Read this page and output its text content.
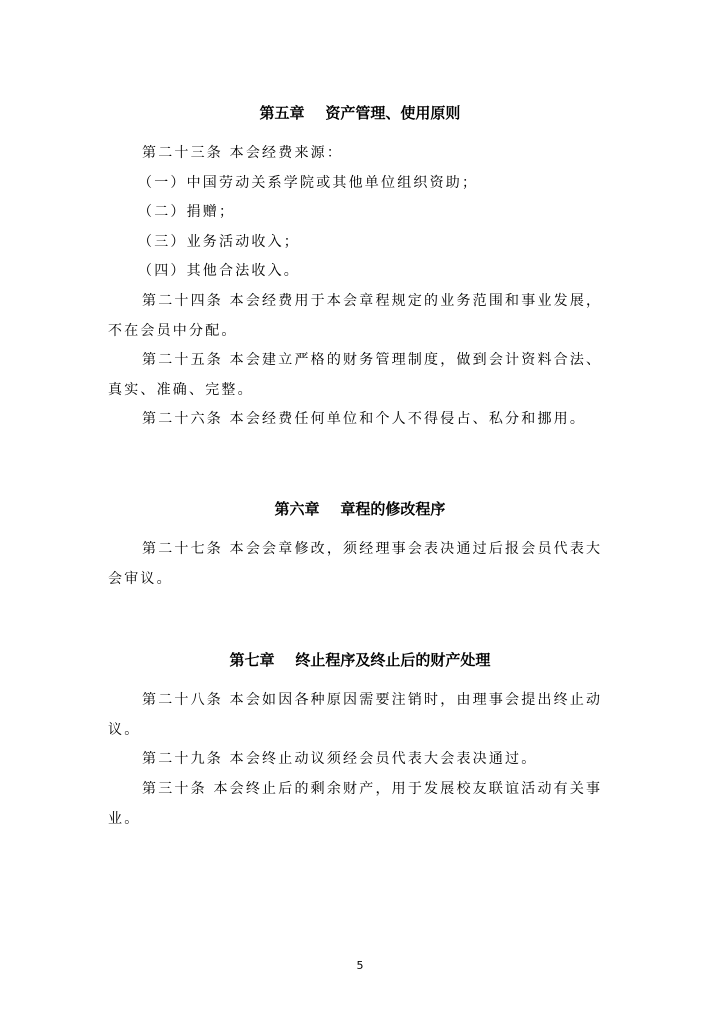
第五章    资产管理、使用原则

第二十三条 本会经费来源：

（一）中国劳动关系学院或其他单位组织资助；

（二）捐赠；

（三）业务活动收入；

（四）其他合法收入。

第二十四条 本会经费用于本会章程规定的业务范围和事业发展，不在会员中分配。

第二十五条 本会建立严格的财务管理制度，做到会计资料合法、真实、准确、完整。

第二十六条 本会经费任何单位和个人不得侵占、私分和挪用。

第六章    章程的修改程序

第二十七条 本会会章修改，须经理事会表决通过后报会员代表大会审议。

第七章    终止程序及终止后的财产处理

第二十八条 本会如因各种原因需要注销时，由理事会提出终止动议。

第二十九条 本会终止动议须经会员代表大会表决通过。

第三十条 本会终止后的剩余财产，用于发展校友联谊活动有关事业。

5
